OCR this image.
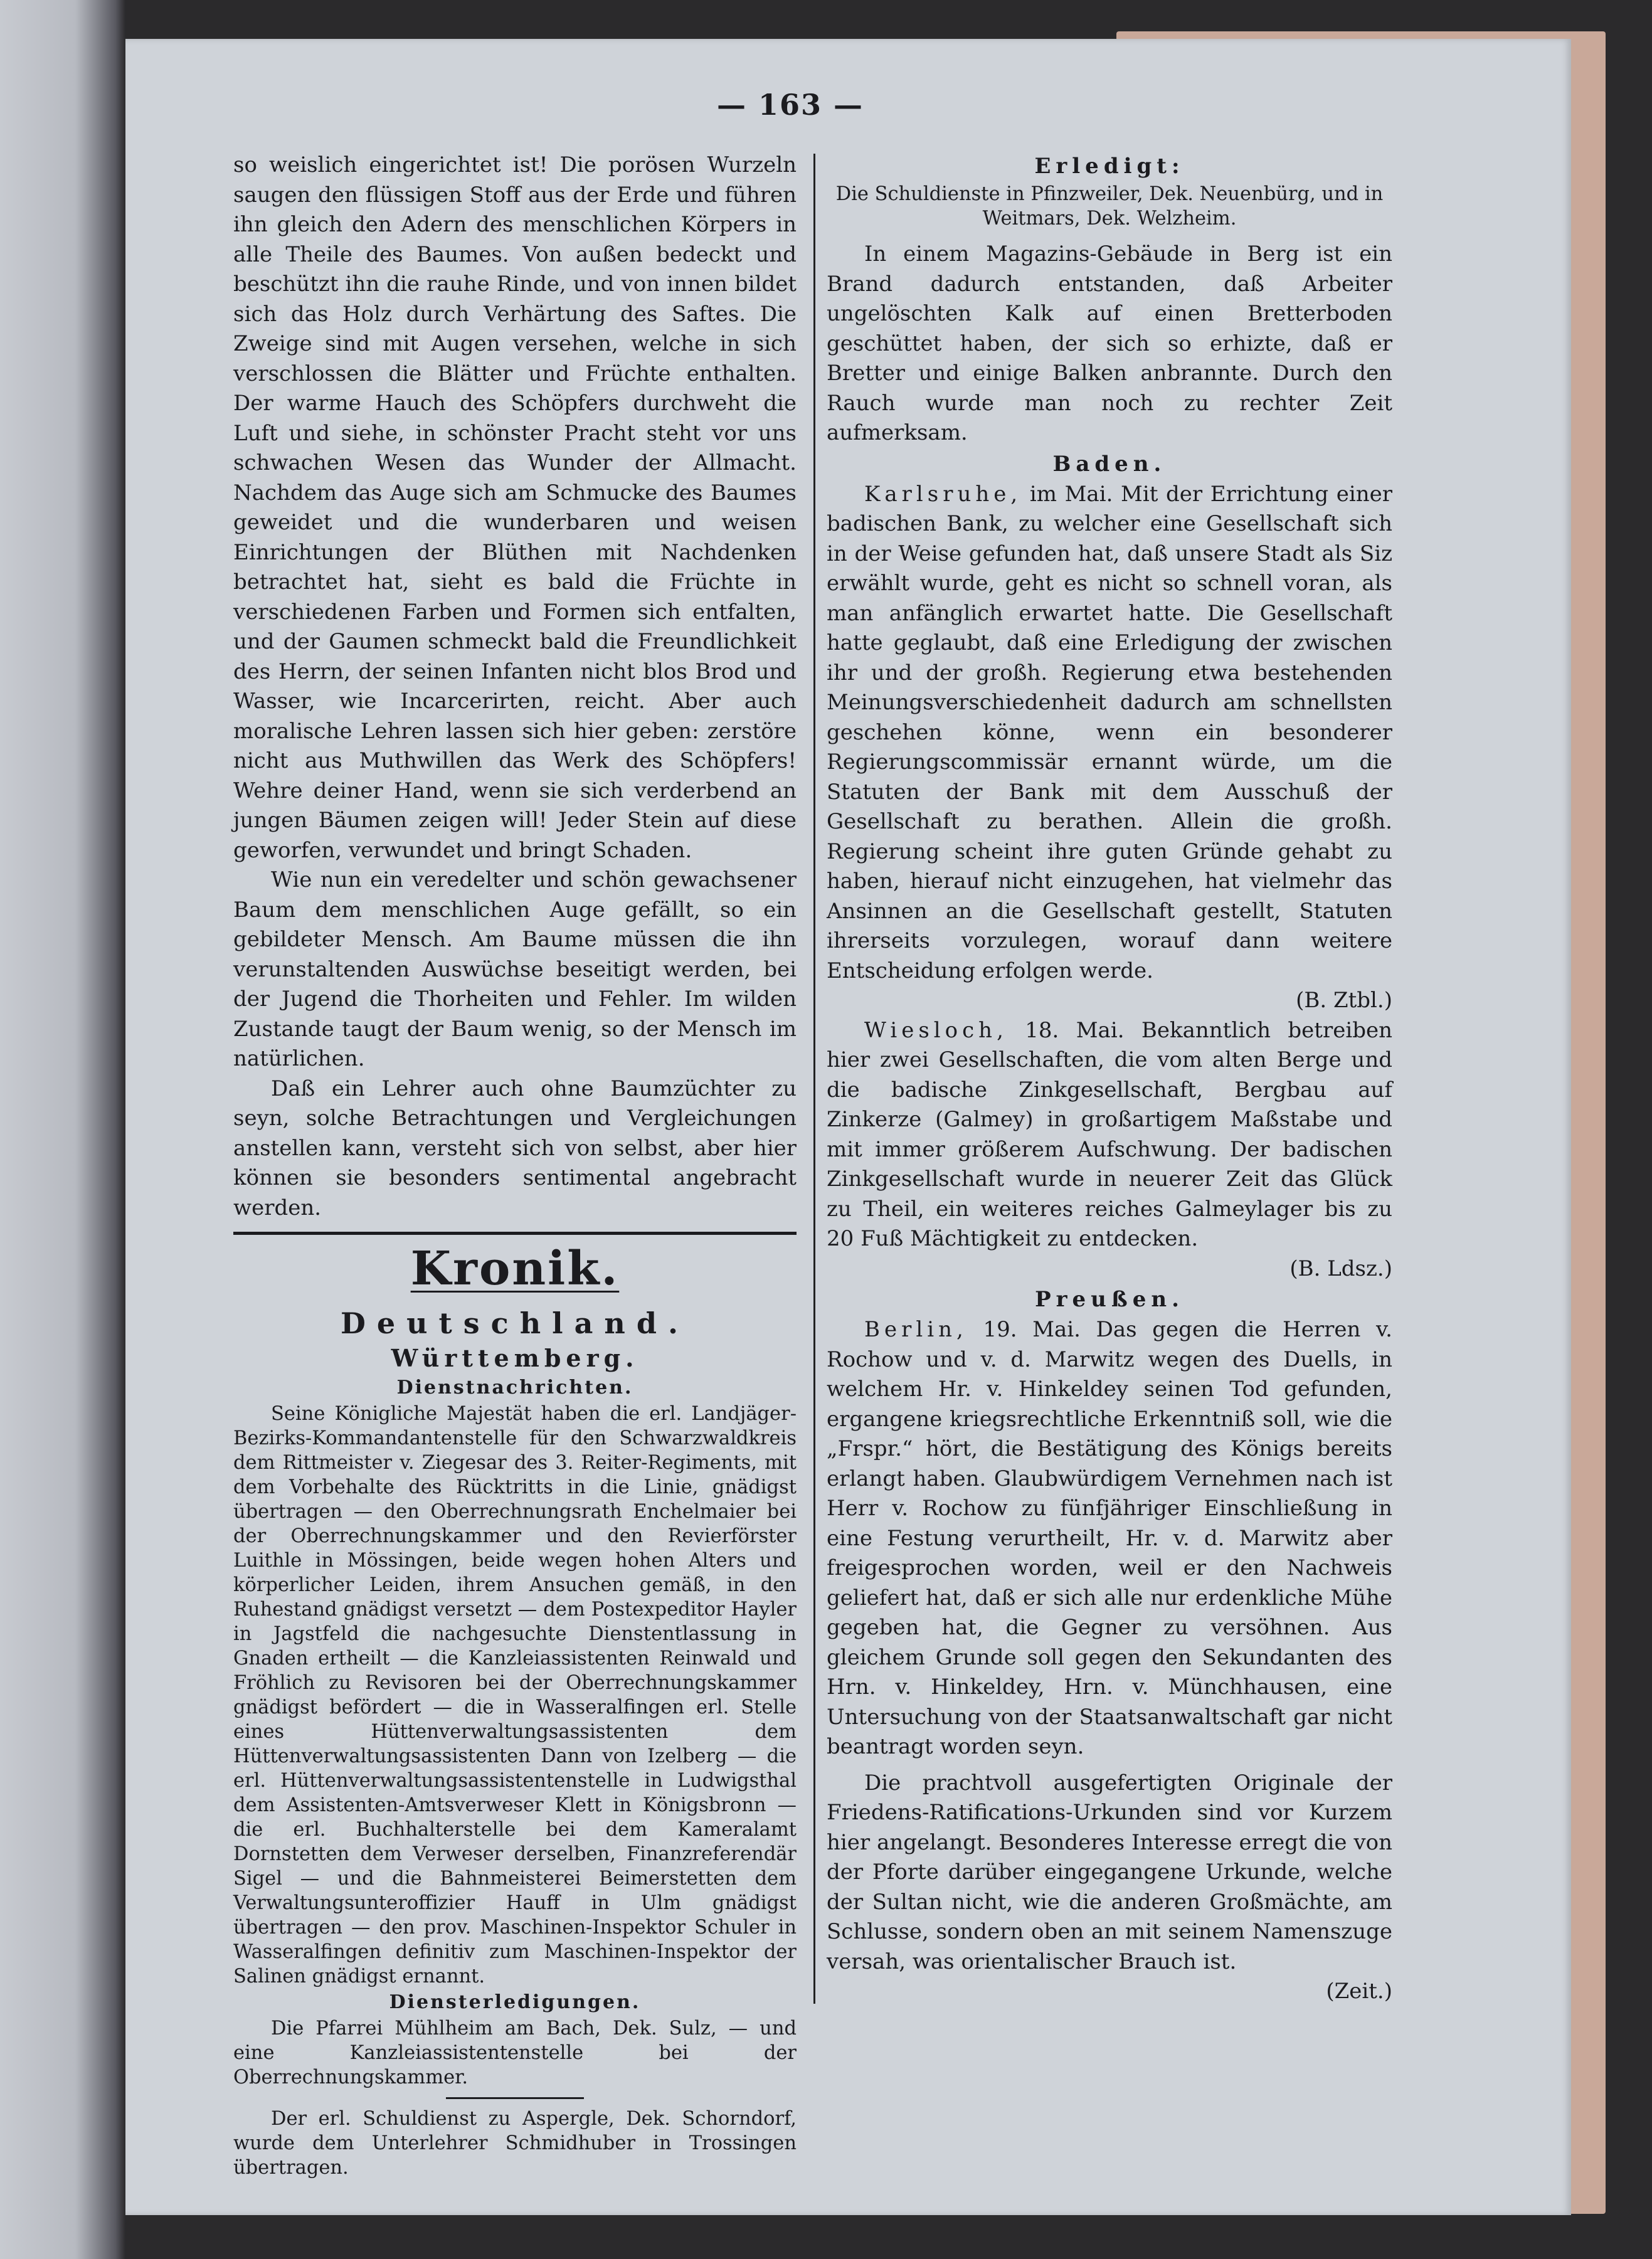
— 163 —

so weislich eingerichtet ist! Die porösen Wurzeln saugen den flüssigen Stoff aus der Erde und führen ihn gleich den Adern des menschlichen Körpers in alle Theile des Baumes. Von außen bedeckt und beschützt ihn die rauhe Rinde, und von innen bildet sich das Holz durch Verhärtung des Saftes. Die Zweige sind mit Augen versehen, welche in sich verschlossen die Blätter und Früchte enthalten. Der warme Hauch des Schöpfers durchweht die Luft und siehe, in schönster Pracht steht vor uns schwachen Wesen das Wunder der Allmacht. Nachdem das Auge sich am Schmucke des Baumes geweidet und die wunderbaren und weisen Einrichtungen der Blüthen mit Nachdenken betrachtet hat, sieht es bald die Früchte in verschiedenen Farben und Formen sich entfalten, und der Gaumen schmeckt bald die Freundlichkeit des Herrn, der seinen Infanten nicht blos Brod und Wasser, wie Incarcerirten, reicht. Aber auch moralische Lehren lassen sich hier geben: zerstöre nicht aus Muthwillen das Werk des Schöpfers! Wehre deiner Hand, wenn sie sich verderbend an jungen Bäumen zeigen will! Jeder Stein auf diese geworfen, verwundet und bringt Schaden.

Wie nun ein veredelter und schön gewachsener Baum dem menschlichen Auge gefällt, so ein gebildeter Mensch. Am Baume müssen die ihn verunstaltenden Auswüchse beseitigt werden, bei der Jugend die Thorheiten und Fehler. Im wilden Zustande taugt der Baum wenig, so der Mensch im natürlichen.

Daß ein Lehrer auch ohne Baumzüchter zu seyn, solche Betrachtungen und Vergleichungen anstellen kann, versteht sich von selbst, aber hier können sie besonders sentimental angebracht werden.

Kronik.
Deutschland.
Württemberg.
Dienstnachrichten.

Seine Königliche Majestät haben die erl. Landjäger-Bezirks-Kommandantenstelle für den Schwarzwaldkreis dem Rittmeister v. Ziegesar des 3. Reiter-Regiments, mit dem Vorbehalte des Rücktritts in die Linie, gnädigst übertragen — den Oberrechnungsrath Enchelmaier bei der Oberrechnungskammer und den Revierförster Luithle in Mössingen, beide wegen hohen Alters und körperlicher Leiden, ihrem Ansuchen gemäß, in den Ruhestand gnädigst versetzt — dem Postexpeditor Hayler in Jagstfeld die nachgesuchte Dienstentlassung in Gnaden ertheilt — die Kanzleiassistenten Reinwald und Fröhlich zu Revisoren bei der Oberrechnungskammer gnädigst befördert — die in Wasseralfingen erl. Stelle eines Hüttenverwaltungsassistenten dem Hüttenverwaltungsassistenten Dann von Izelberg — die erl. Hüttenverwaltungsassistentenstelle in Ludwigsthal dem Assistenten-Amtsverweser Klett in Königsbronn — die erl. Buchhalterstelle bei dem Kameralamt Dornstetten dem Verweser derselben, Finanzreferendär Sigel — und die Bahnmeisterei Beimerstetten dem Verwaltungsunteroffizier Hauff in Ulm gnädigst übertragen — den prov. Maschinen-Inspektor Schuler in Wasseralfingen definitiv zum Maschinen-Inspektor der Salinen gnädigst ernannt.

Diensterledigungen.

Die Pfarrei Mühlheim am Bach, Dek. Sulz, — und eine Kanzleiassistentenstelle bei der Oberrechnungskammer.

Der erl. Schuldienst zu Aspergle, Dek. Schorndorf, wurde dem Unterlehrer Schmidhuber in Trossingen übertragen.

Erledigt:

Die Schuldienste in Pfinzweiler, Dek. Neuenbürg, und in Weitmars, Dek. Welzheim.

In einem Magazins-Gebäude in Berg ist ein Brand dadurch entstanden, daß Arbeiter ungelöschten Kalk auf einen Bretterboden geschüttet haben, der sich so erhizte, daß er Bretter und einige Balken anbrannte. Durch den Rauch wurde man noch zu rechter Zeit aufmerksam.

Baden.

Karlsruhe, im Mai. Mit der Errichtung einer badischen Bank, zu welcher eine Gesellschaft sich in der Weise gefunden hat, daß unsere Stadt als Siz erwählt wurde, geht es nicht so schnell voran, als man anfänglich erwartet hatte. Die Gesellschaft hatte geglaubt, daß eine Erledigung der zwischen ihr und der großh. Regierung etwa bestehenden Meinungsverschiedenheit dadurch am schnellsten geschehen könne, wenn ein besonderer Regierungscommissär ernannt würde, um die Statuten der Bank mit dem Ausschuß der Gesellschaft zu berathen. Allein die großh. Regierung scheint ihre guten Gründe gehabt zu haben, hierauf nicht einzugehen, hat vielmehr das Ansinnen an die Gesellschaft gestellt, Statuten ihrerseits vorzulegen, worauf dann weitere Entscheidung erfolgen werde.

(B. Ztbl.)

Wiesloch, 18. Mai. Bekanntlich betreiben hier zwei Gesellschaften, die vom alten Berge und die badische Zinkgesellschaft, Bergbau auf Zinkerze (Galmey) in großartigem Maßstabe und mit immer größerem Aufschwung. Der badischen Zinkgesellschaft wurde in neuerer Zeit das Glück zu Theil, ein weiteres reiches Galmeylager bis zu 20 Fuß Mächtigkeit zu entdecken.

(B. Ldsz.)

Preußen.

Berlin, 19. Mai. Das gegen die Herren v. Rochow und v. d. Marwitz wegen des Duells, in welchem Hr. v. Hinkeldey seinen Tod gefunden, ergangene kriegsrechtliche Erkenntniß soll, wie die „Frspr.“ hört, die Bestätigung des Königs bereits erlangt haben. Glaubwürdigem Vernehmen nach ist Herr v. Rochow zu fünfjähriger Einschließung in eine Festung verurtheilt, Hr. v. d. Marwitz aber freigesprochen worden, weil er den Nachweis geliefert hat, daß er sich alle nur erdenkliche Mühe gegeben hat, die Gegner zu versöhnen. Aus gleichem Grunde soll gegen den Sekundanten des Hrn. v. Hinkeldey, Hrn. v. Münchhausen, eine Untersuchung von der Staatsanwaltschaft gar nicht beantragt worden seyn.

Die prachtvoll ausgefertigten Originale der Friedens-Ratifications-Urkunden sind vor Kurzem hier angelangt. Besonderes Interesse erregt die von der Pforte darüber eingegangene Urkunde, welche der Sultan nicht, wie die anderen Großmächte, am Schlusse, sondern oben an mit seinem Namenszuge versah, was orientalischer Brauch ist.

(Zeit.)
